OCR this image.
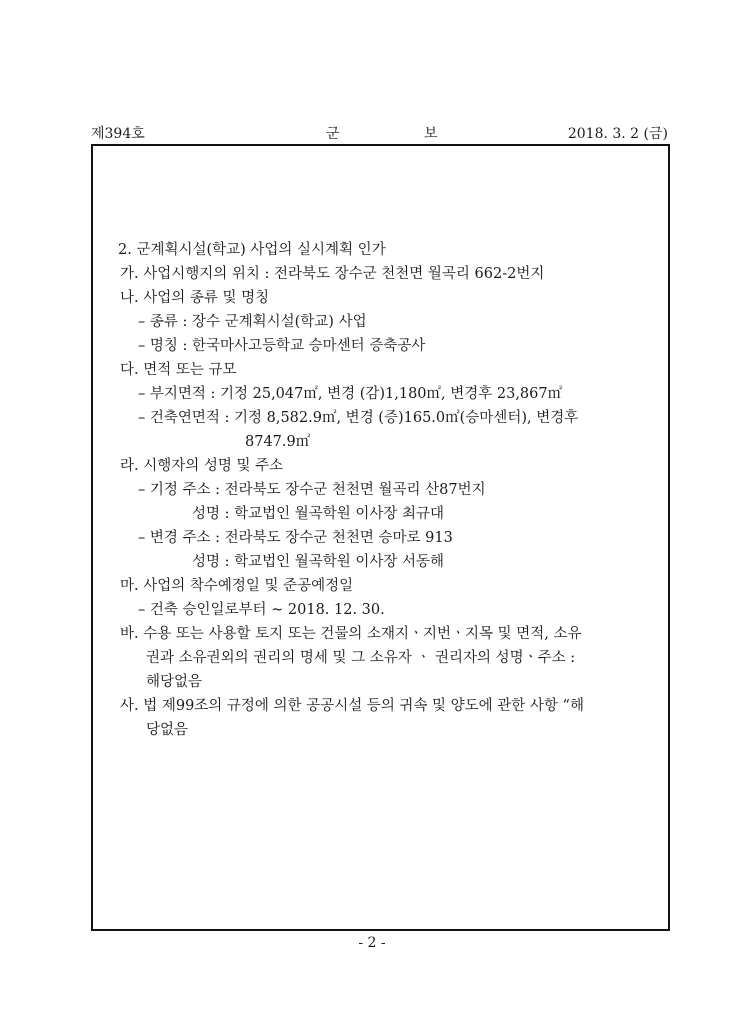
제394호	군	보	2018. 3. 2 (금)
2. 군계획시설(학교) 사업의 실시계획 인가
가. 사업시행지의 위치 : 전라북도 장수군 천천면 월곡리 662-2번지
나. 사업의 종류 및 명칭
– 종류 : 장수 군계획시설(학교) 사업
– 명칭 : 한국마사고등학교 승마센터 증축공사
다. 면적 또는 규모
– 부지면적 : 기정 25,047㎡, 변경 (감)1,180㎡, 변경후 23,867㎡
– 건축연면적 : 기정 8,582.9㎡, 변경 (증)165.0㎡(승마센터), 변경후
8747.9㎡
라. 시행자의 성명 및 주소
– 기정 주소 : 전라북도 장수군 천천면 월곡리 산87번지
성명 : 학교법인 월곡학원 이사장 최규대
– 변경 주소 : 전라북도 장수군 천천면 승마로 913
성명 : 학교법인 월곡학원 이사장 서동해
마. 사업의 착수예정일 및 준공예정일
– 건축 승인일로부터 ~ 2018. 12. 30.
바. 수용 또는 사용할 토지 또는 건물의 소재지ㆍ지번ㆍ지목 및 면적, 소유
권과 소유권외의 권리의 명세 및 그 소유자 ㆍ 권리자의 성명ㆍ주소 :
해당없음
사. 법 제99조의 규정에 의한 공공시설 등의 귀속 및 양도에 관한 사항 “해
당없음
- 2 -
